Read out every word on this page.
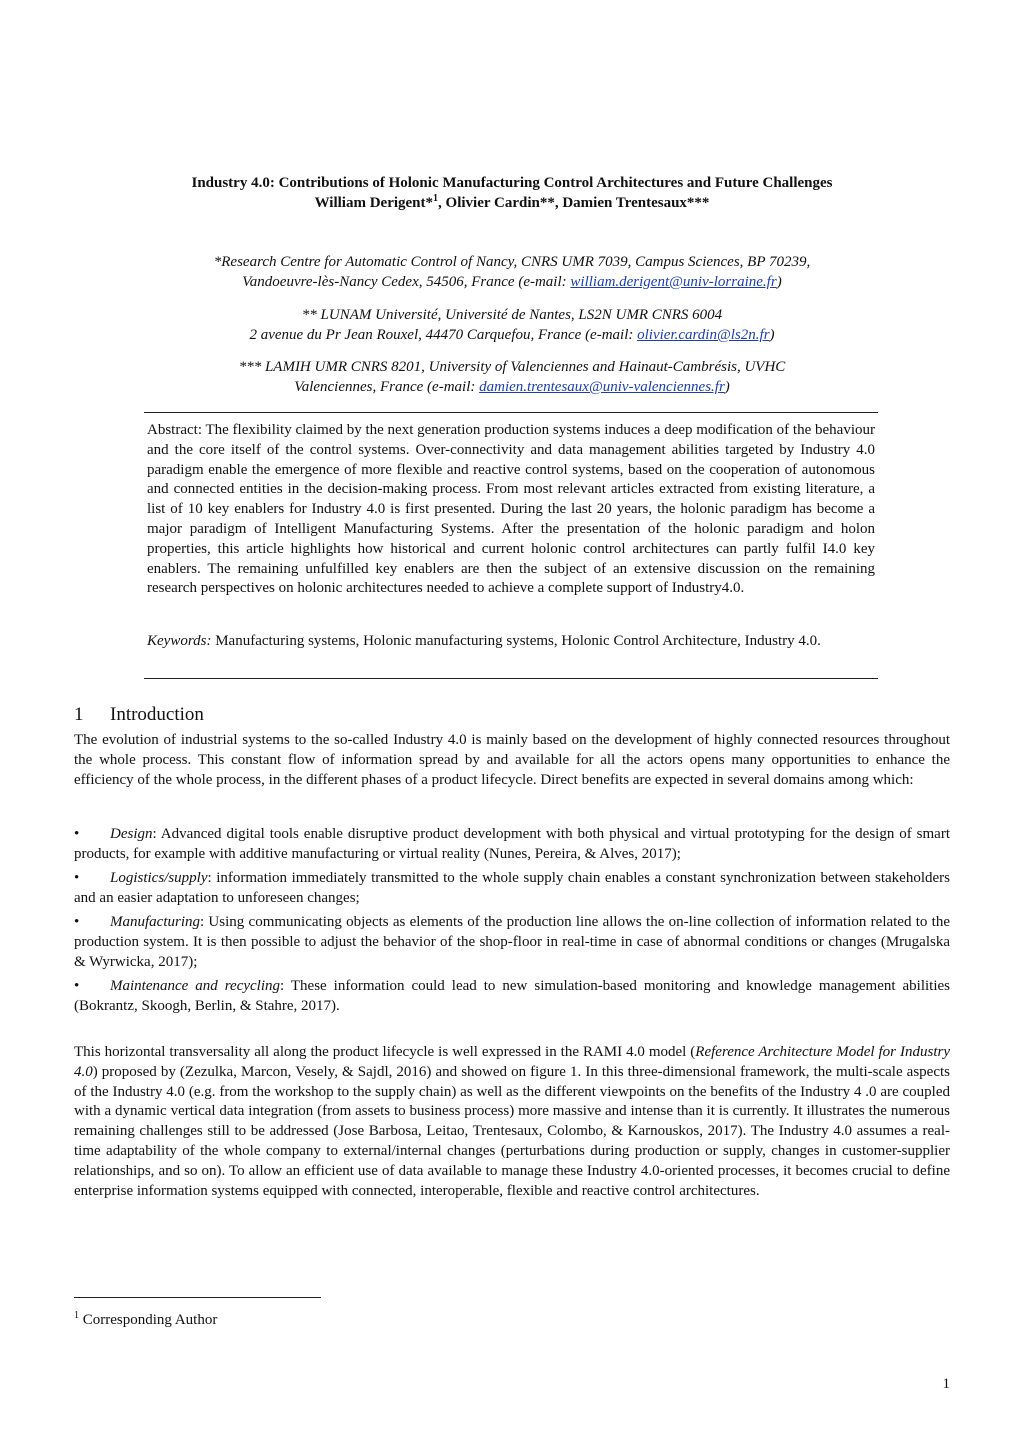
Industry 4.0: Contributions of Holonic Manufacturing Control Architectures and Future Challenges
William Derigent*$^1$, Olivier Cardin**, Damien Trentesaux***
*Research Centre for Automatic Control of Nancy, CNRS UMR 7039, Campus Sciences, BP 70239,
Vandoeuvre-lès-Nancy Cedex, 54506, France (e-mail: william.derigent@univ-lorraine.fr)
** LUNAM Université, Université de Nantes, LS2N UMR CNRS 6004
2 avenue du Pr Jean Rouxel, 44470 Carquefou, France (e-mail: olivier.cardin@ls2n.fr)
*** LAMIH UMR CNRS 8201, University of Valenciennes and Hainaut-Cambrésis, UVHC
Valenciennes, France (e-mail: damien.trentesaux@univ-valenciennes.fr)
Abstract: The flexibility claimed by the next generation production systems induces a deep modification of the behaviour and the core itself of the control systems. Over-connectivity and data management abilities targeted by Industry 4.0 paradigm enable the emergence of more flexible and reactive control systems, based on the cooperation of autonomous and connected entities in the decision-making process. From most relevant articles extracted from existing literature, a list of 10 key enablers for Industry 4.0 is first presented. During the last 20 years, the holonic paradigm has become a major paradigm of Intelligent Manufacturing Systems. After the presentation of the holonic paradigm and holon properties, this article highlights how historical and current holonic control architectures can partly fulfil I4.0 key enablers. The remaining unfulfilled key enablers are then the subject of an extensive discussion on the remaining research perspectives on holonic architectures needed to achieve a complete support of Industry4.0.
Keywords: Manufacturing systems, Holonic manufacturing systems, Holonic Control Architecture, Industry 4.0.
1 Introduction
The evolution of industrial systems to the so-called Industry 4.0 is mainly based on the development of highly connected resources throughout the whole process. This constant flow of information spread by and available for all the actors opens many opportunities to enhance the efficiency of the whole process, in the different phases of a product lifecycle. Direct benefits are expected in several domains among which:
•	Design: Advanced digital tools enable disruptive product development with both physical and virtual prototyping for the design of smart products, for example with additive manufacturing or virtual reality (Nunes, Pereira, & Alves, 2017);
•	Logistics/supply: information immediately transmitted to the whole supply chain enables a constant synchronization between stakeholders and an easier adaptation to unforeseen changes;
•	Manufacturing: Using communicating objects as elements of the production line allows the on-line collection of information related to the production system. It is then possible to adjust the behavior of the shop-floor in real-time in case of abnormal conditions or changes (Mrugalska & Wyrwicka, 2017);
•	Maintenance and recycling: These information could lead to new simulation-based monitoring and knowledge management abilities (Bokrantz, Skoogh, Berlin, & Stahre, 2017).
This horizontal transversality all along the product lifecycle is well expressed in the RAMI 4.0 model (Reference Architecture Model for Industry 4.0) proposed by (Zezulka, Marcon, Vesely, & Sajdl, 2016) and showed on figure 1. In this three-dimensional framework, the multi-scale aspects of the Industry 4.0 (e.g. from the workshop to the supply chain) as well as the different viewpoints on the benefits of the Industry 4 .0 are coupled with a dynamic vertical data integration (from assets to business process) more massive and intense than it is currently. It illustrates the numerous remaining challenges still to be addressed (Jose Barbosa, Leitao, Trentesaux, Colombo, & Karnouskos, 2017). The Industry 4.0 assumes a real-time adaptability of the whole company to external/internal changes (perturbations during production or supply, changes in customer-supplier relationships, and so on). To allow an efficient use of data available to manage these Industry 4.0-oriented processes, it becomes crucial to define enterprise information systems equipped with connected, interoperable, flexible and reactive control architectures.
$^1$ Corresponding Author
1
